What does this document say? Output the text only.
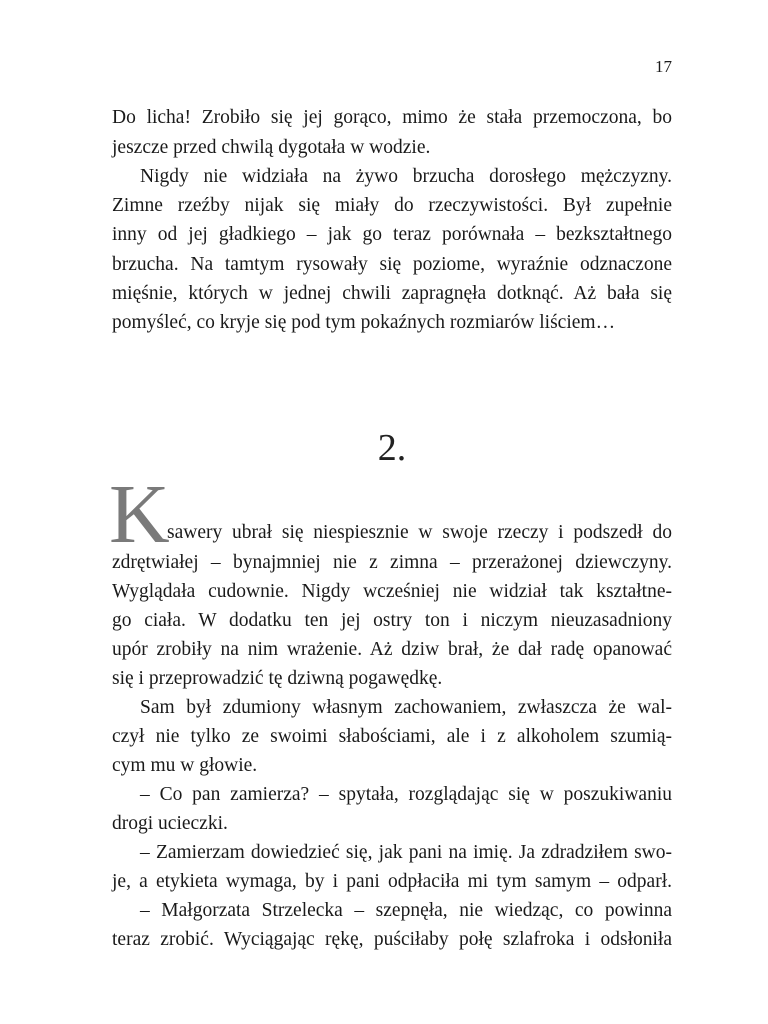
17
Do licha! Zrobiło się jej gorąco, mimo że stała przemoczona, bo
jeszcze przed chwilą dygotała w wodzie.
Nigdy nie widziała na żywo brzucha dorosłego mężczyzny.
Zimne rzeźby nijak się miały do rzeczywistości. Był zupełnie
inny od jej gładkiego – jak go teraz porównała – bezkształtnego
brzucha. Na tamtym rysowały się poziome, wyraźnie odznaczone
mięśnie, których w jednej chwili zapragnęła dotknąć. Aż bała się
pomyśleć, co kryje się pod tym pokaźnych rozmiarów liściem…
2.
K
sawery ubrał się niespiesznie w swoje rzeczy i podszedł do
zdrętwiałej – bynajmniej nie z zimna – przerażonej dziewczyny.
Wyglądała cudownie. Nigdy wcześniej nie widział tak kształtne-
go ciała. W dodatku ten jej ostry ton i niczym nieuzasadniony
upór zrobiły na nim wrażenie. Aż dziw brał, że dał radę opanować
się i przeprowadzić tę dziwną pogawędkę.
Sam był zdumiony własnym zachowaniem, zwłaszcza że wal-
czył nie tylko ze swoimi słabościami, ale i z alkoholem szumią-
cym mu w głowie.
– Co pan zamierza? – spytała, rozglądając się w poszukiwaniu
drogi ucieczki.
– Zamierzam dowiedzieć się, jak pani na imię. Ja zdradziłem swo-
je, a etykieta wymaga, by i pani odpłaciła mi tym samym – odparł.
– Małgorzata Strzelecka – szepnęła, nie wiedząc, co powinna
teraz zrobić. Wyciągając rękę, puściłaby połę szlafroka i odsłoniła
